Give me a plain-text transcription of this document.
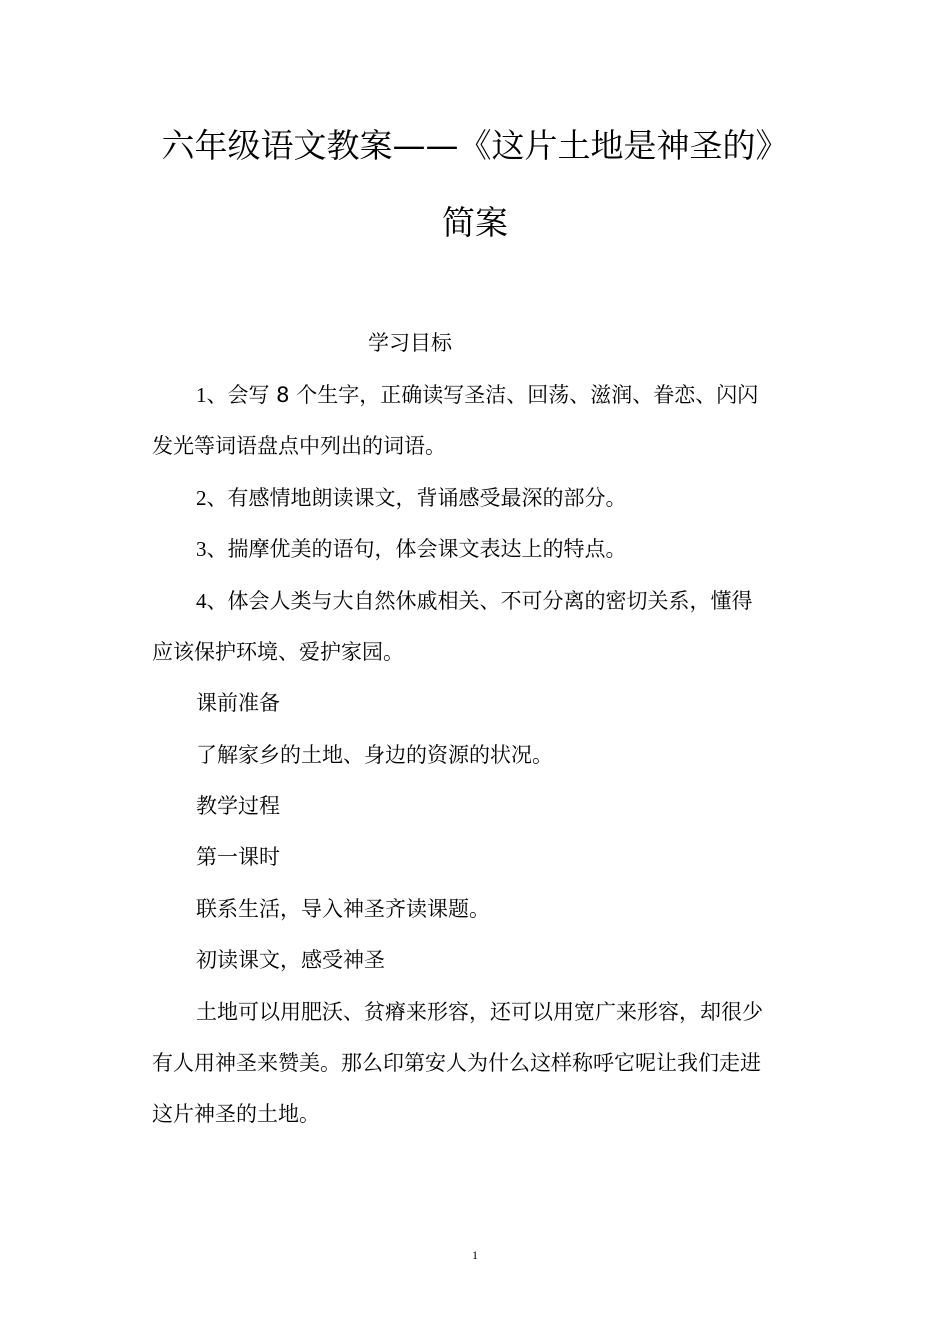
六年级语文教案——《这片土地是神圣的》
简案
学习目标
1、会写 8 个生字，正确读写圣洁、回荡、滋润、眷恋、闪闪
发光等词语盘点中列出的词语。
2、有感情地朗读课文，背诵感受最深的部分。
3、揣摩优美的语句，体会课文表达上的特点。
4、体会人类与大自然休戚相关、不可分离的密切关系，懂得
应该保护环境、爱护家园。
课前准备
了解家乡的土地、身边的资源的状况。
教学过程
第一课时
联系生活，导入神圣齐读课题。
初读课文，感受神圣
土地可以用肥沃、贫瘠来形容，还可以用宽广来形容，却很少
有人用神圣来赞美。那么印第安人为什么这样称呼它呢让我们走进
这片神圣的土地。
1
